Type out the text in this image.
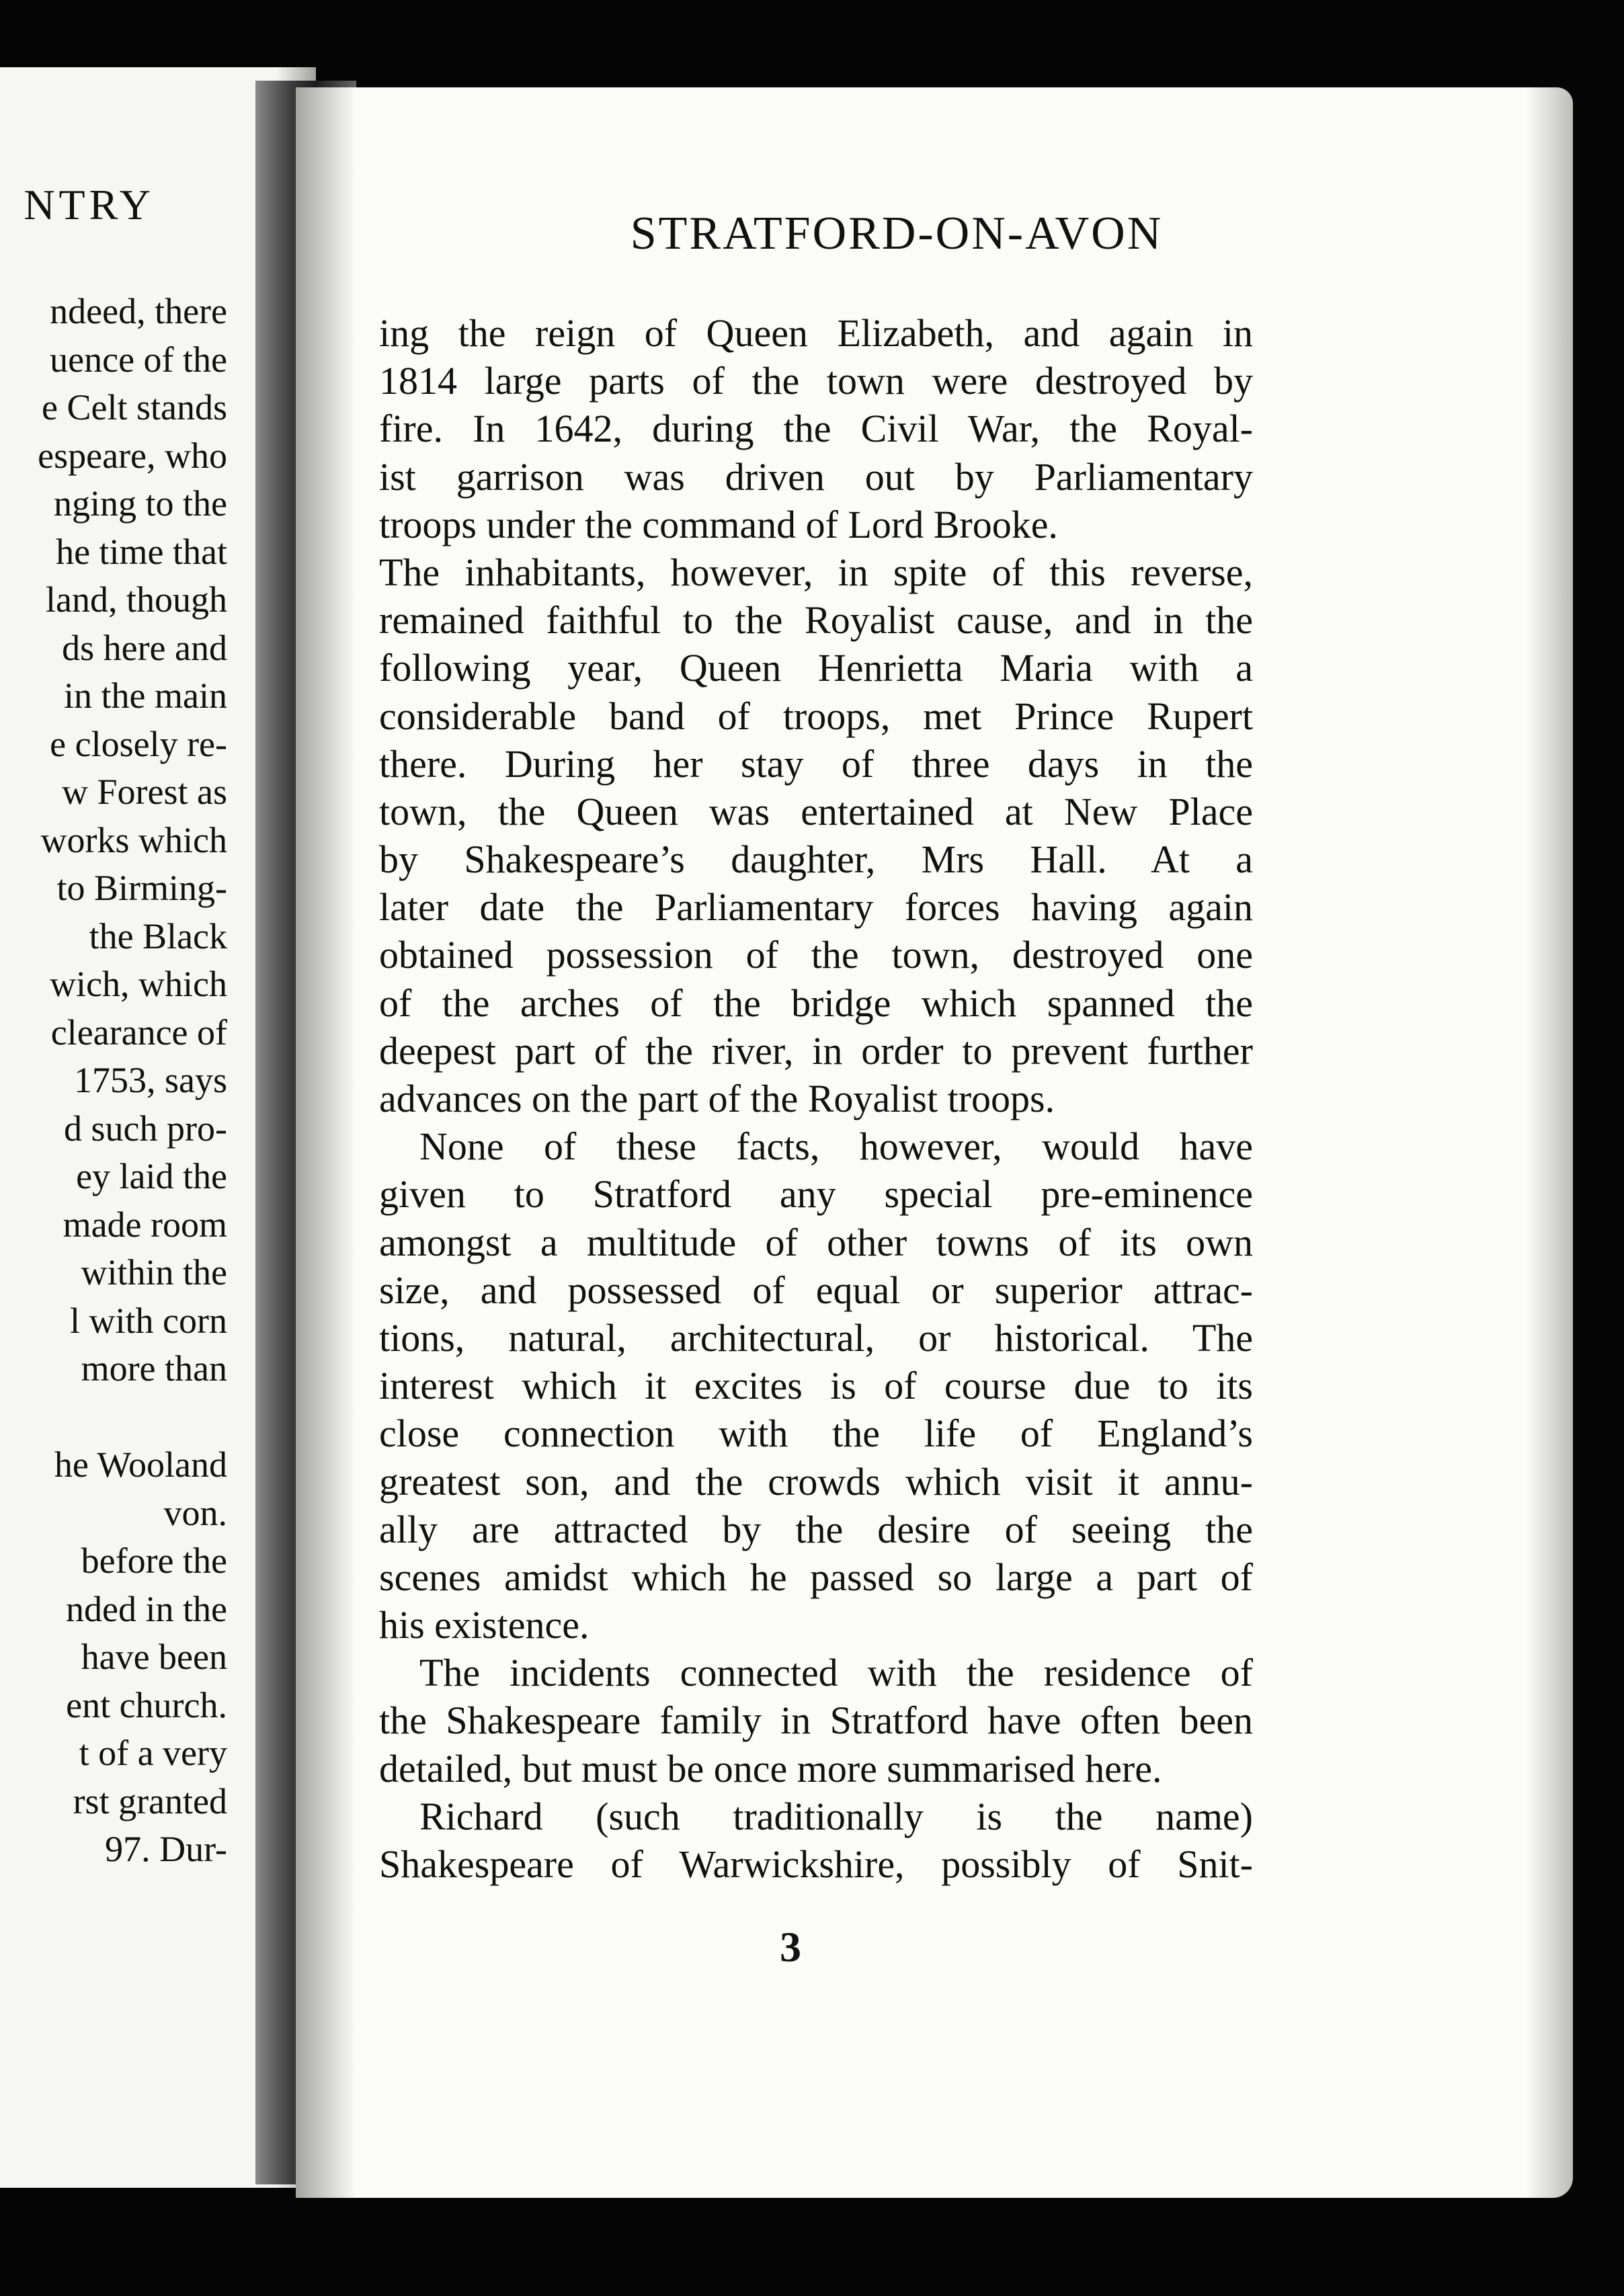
NTRY
ndeed, there
uence of the
e Celt stands
espeare, who
nging to the
he time that
land, though
ds here and
in the main
e closely re-
w Forest as
works which
to Birming-
the Black
wich, which
clearance of
1753, says
d such pro-
ey laid the
made room
within the
l with corn
more than
he Wooland
von.
before the
nded in the
have been
ent church.
t of a very
rst granted
97. Dur-
STRATFORD-ON-AVON
ing the reign of Queen Elizabeth, and again in
1814 large parts of the town were destroyed by
fire. In 1642, during the Civil War, the Royal-
ist garrison was driven out by Parliamentary
troops under the command of Lord Brooke.
The inhabitants, however, in spite of this reverse,
remained faithful to the Royalist cause, and in the
following year, Queen Henrietta Maria with a
considerable band of troops, met Prince Rupert
there. During her stay of three days in the
town, the Queen was entertained at New Place
by Shakespeare’s daughter, Mrs Hall. At a
later date the Parliamentary forces having again
obtained possession of the town, destroyed one
of the arches of the bridge which spanned the
deepest part of the river, in order to prevent further
advances on the part of the Royalist troops.
None of these facts, however, would have
given to Stratford any special pre-eminence
amongst a multitude of other towns of its own
size, and possessed of equal or superior attrac-
tions, natural, architectural, or historical. The
interest which it excites is of course due to its
close connection with the life of England’s
greatest son, and the crowds which visit it annu-
ally are attracted by the desire of seeing the
scenes amidst which he passed so large a part of
his existence.
The incidents connected with the residence of
the Shakespeare family in Stratford have often been
detailed, but must be once more summarised here.
Richard (such traditionally is the name)
Shakespeare of Warwickshire, possibly of Snit-
3
